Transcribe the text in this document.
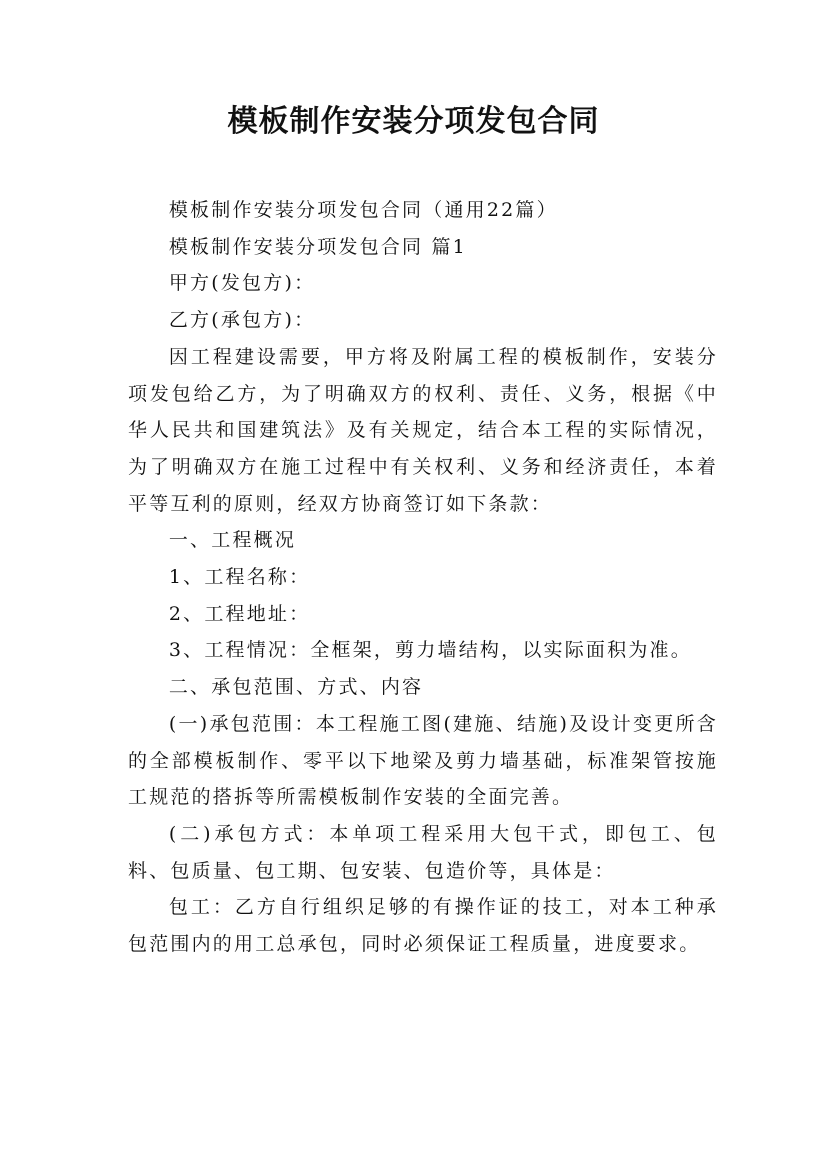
模板制作安装分项发包合同

模板制作安装分项发包合同（通用22篇）

模板制作安装分项发包合同 篇1

甲方(发包方)：

乙方(承包方)：

因工程建设需要，甲方将及附属工程的模板制作，安装分项发包给乙方，为了明确双方的权利、责任、义务，根据《中华人民共和国建筑法》及有关规定，结合本工程的实际情况，为了明确双方在施工过程中有关权利、义务和经济责任，本着平等互利的原则，经双方协商签订如下条款：

一、工程概况

1、工程名称：

2、工程地址：

3、工程情况：全框架，剪力墙结构，以实际面积为准。

二、承包范围、方式、内容

(一)承包范围：本工程施工图(建施、结施)及设计变更所含的全部模板制作、零平以下地梁及剪力墙基础，标准架管按施工规范的搭拆等所需模板制作安装的全面完善。

(二)承包方式：本单项工程采用大包干式，即包工、包料、包质量、包工期、包安装、包造价等，具体是：

包工：乙方自行组织足够的有操作证的技工，对本工种承包范围内的用工总承包，同时必须保证工程质量，进度要求。
